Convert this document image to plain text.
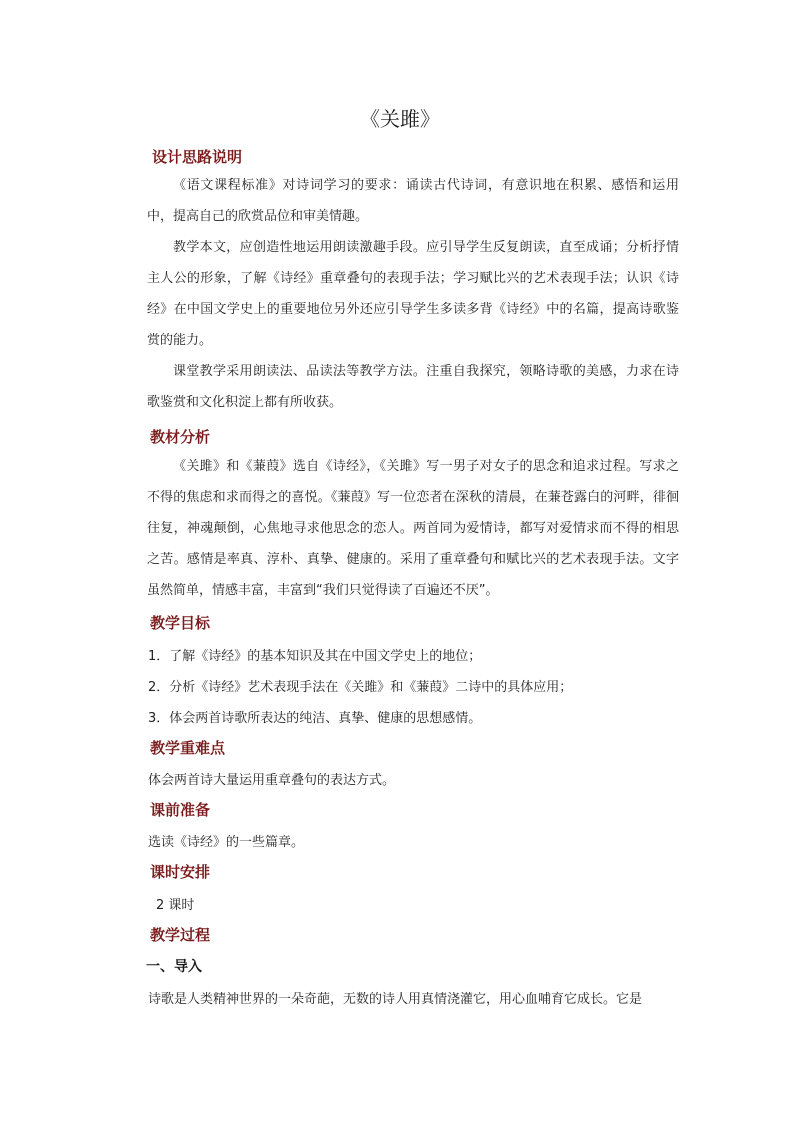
《关雎》
设计思路说明

《语文课程标准》对诗词学习的要求：诵读古代诗词，有意识地在积累、感悟和运用中，提高自己的欣赏品位和审美情趣。

教学本文，应创造性地运用朗读激趣手段。应引导学生反复朗读，直至成诵；分析抒情主人公的形象，了解《诗经》重章叠句的表现手法；学习赋比兴的艺术表现手法；认识《诗经》在中国文学史上的重要地位另外还应引导学生多读多背《诗经》中的名篇，提高诗歌鉴赏的能力。

课堂教学采用朗读法、品读法等教学方法。注重自我探究，领略诗歌的美感，力求在诗歌鉴赏和文化积淀上都有所收获。

教材分析

《关雎》和《蒹葭》选自《诗经》，《关雎》写一男子对女子的思念和追求过程。写求之不得的焦虑和求而得之的喜悦。《蒹葭》写一位恋者在深秋的清晨，在蒹苍露白的河畔，徘徊往复，神魂颠倒，心焦地寻求他思念的恋人。两首同为爱情诗，都写对爱情求而不得的相思之苦。感情是率真、淳朴、真挚、健康的。采用了重章叠句和赋比兴的艺术表现手法。文字虽然简单，情感丰富，丰富到“我们只觉得读了百遍还不厌”。

教学目标

1．了解《诗经》的基本知识及其在中国文学史上的地位；

2．分析《诗经》艺术表现手法在《关雎》和《蒹葭》二诗中的具体应用；

3．体会两首诗歌所表达的纯洁、真挚、健康的思想感情。

教学重难点

体会两首诗大量运用重章叠句的表达方式。

课前准备

选读《诗经》的一些篇章。

课时安排

2 课时

教学过程
一、导入

诗歌是人类精神世界的一朵奇葩，无数的诗人用真情浇灌它，用心血哺育它成长。它是
